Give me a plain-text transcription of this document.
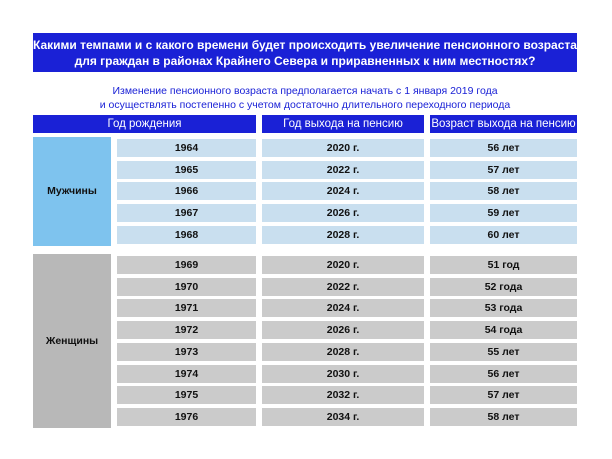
Какими темпами и с какого времени будет происходить увеличение пенсионного возраста
для граждан в районах Крайнего Севера и приравненных к ним местностях?
Изменение пенсионного возраста предполагается начать с 1 января 2019 года
и осуществлять постепенно с учетом достаточно длительного переходного периода
Год рождения	Год выхода на пенсию	Возраст выхода на пенсию
Мужчины
1964	2020 г.	56 лет
1965	2022 г.	57 лет
1966	2024 г.	58 лет
1967	2026 г.	59 лет
1968	2028 г.	60 лет
Женщины
1969	2020 г.	51 год
1970	2022 г.	52 года
1971	2024 г.	53 года
1972	2026 г.	54 года
1973	2028 г.	55 лет
1974	2030 г.	56 лет
1975	2032 г.	57 лет
1976	2034 г.	58 лет
